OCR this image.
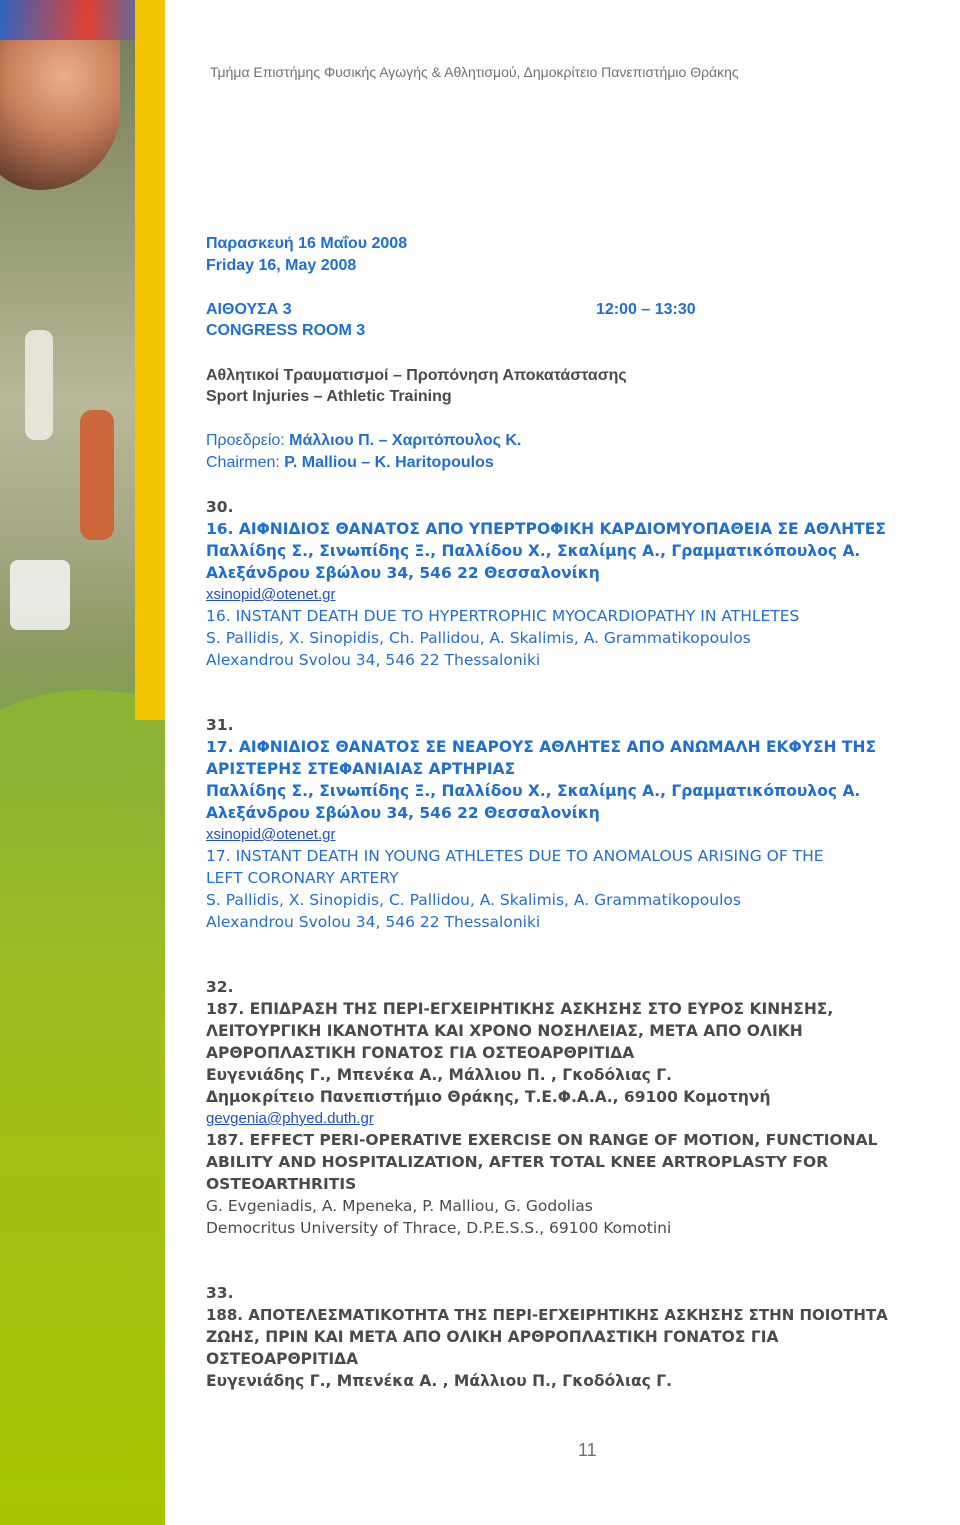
Τμήμα Επιστήμης Φυσικής Αγωγής & Αθλητισμού, Δημοκρίτειο Πανεπιστήμιο Θράκης
Παρασκευή 16 Μαΐου 2008
Friday 16, May 2008
ΑΙΘΟΥΣΑ 3	12:00 – 13:30
CONGRESS ROOM 3
Αθλητικοί Τραυματισμοί – Προπόνηση Αποκατάστασης
Sport Injuries – Athletic Training
Προεδρείο: Μάλλιου Π. – Χαριτόπουλος Κ.
Chairmen: P. Malliou – K. Haritopoulos
30.
16. ΑΙΦΝΙΔΙΟΣ ΘΑΝΑΤΟΣ ΑΠΟ ΥΠΕΡΤΡΟΦΙΚΗ ΚΑΡΔΙΟΜΥΟΠΑΘΕΙΑ ΣΕ ΑΘΛΗΤΕΣ
Παλλίδης Σ., Σινωπίδης Ξ., Παλλίδου Χ., Σκαλίμης Α., Γραμματικόπουλος Α.
Αλεξάνδρου Σβώλου 34, 546 22 Θεσσαλονίκη
xsinopid@otenet.gr
16. INSTANT DEATH DUE TO HYPERTROPHIC MYOCARDIOPATHY IN ATHLETES
S. Pallidis, X. Sinopidis, Ch. Pallidou, A. Skalimis, A. Grammatikopoulos
Alexandrou Svolou 34, 546 22 Thessaloniki
31.
17. ΑΙΦΝΙΔΙΟΣ ΘΑΝΑΤΟΣ ΣΕ ΝΕΑΡΟΥΣ ΑΘΛΗΤΕΣ ΑΠΟ ΑΝΩΜΑΛΗ ΕΚΦΥΣΗ ΤΗΣ
ΑΡΙΣΤΕΡΗΣ ΣΤΕΦΑΝΙΑΙΑΣ ΑΡΤΗΡΙΑΣ
Παλλίδης Σ., Σινωπίδης Ξ., Παλλίδου Χ., Σκαλίμης Α., Γραμματικόπουλος Α.
Αλεξάνδρου Σβώλου 34, 546 22 Θεσσαλονίκη
xsinopid@otenet.gr
17. INSTANT DEATH IN YOUNG ATHLETES DUE TO ANOMALOUS ARISING OF THE
LEFT CORONARY ARTERY
S. Pallidis, X. Sinopidis, C. Pallidou, A. Skalimis, A. Grammatikopoulos
Alexandrou Svolou 34, 546 22 Thessaloniki
32.
187. ΕΠΙΔΡΑΣΗ ΤΗΣ ΠΕΡΙ-ΕΓΧΕΙΡΗΤΙΚΗΣ ΑΣΚΗΣΗΣ ΣΤΟ ΕΥΡΟΣ ΚΙΝΗΣΗΣ,
ΛΕΙΤΟΥΡΓΙΚΗ ΙΚΑΝΟΤΗΤΑ ΚΑΙ ΧΡΟΝΟ ΝΟΣΗΛΕΙΑΣ, ΜΕΤΑ ΑΠΟ ΟΛΙΚΗ
ΑΡΘΡΟΠΛΑΣΤΙΚΗ ΓΟΝΑΤΟΣ ΓΙΑ ΟΣΤΕΟΑΡΘΡΙΤΙΔΑ
Ευγενιάδης Γ., Μπενέκα Α., Μάλλιου Π. , Γκοδόλιας Γ.
Δημοκρίτειο Πανεπιστήμιο Θράκης, Τ.Ε.Φ.Α.Α., 69100 Κομοτηνή
gevgenia@phyed.duth.gr
187. EFFECT PERI-OPERATIVE EXERCISE ON RANGE OF MOTION, FUNCTIONAL
ABILITY AND HOSPITALIZATION, AFTER TOTAL KNEE ARTROPLASTY FOR
OSTEOARTHRITIS
G. Evgeniadis, A. Mpeneka, P. Malliou, G. Godolias
Democritus University of Thrace, D.P.E.S.S., 69100 Komotini
33.
188. ΑΠΟΤΕΛΕΣΜΑΤΙΚΟΤΗΤΑ ΤΗΣ ΠΕΡΙ-ΕΓΧΕΙΡΗΤΙΚΗΣ ΑΣΚΗΣΗΣ ΣΤΗΝ ΠΟΙΟΤΗΤΑ
ΖΩΗΣ, ΠΡΙΝ ΚΑΙ ΜΕΤΑ ΑΠΟ ΟΛΙΚΗ ΑΡΘΡΟΠΛΑΣΤΙΚΗ ΓΟΝΑΤΟΣ ΓΙΑ
ΟΣΤΕΟΑΡΘΡΙΤΙΔΑ
Ευγενιάδης Γ., Μπενέκα Α. , Μάλλιου Π., Γκοδόλιας Γ.
11
